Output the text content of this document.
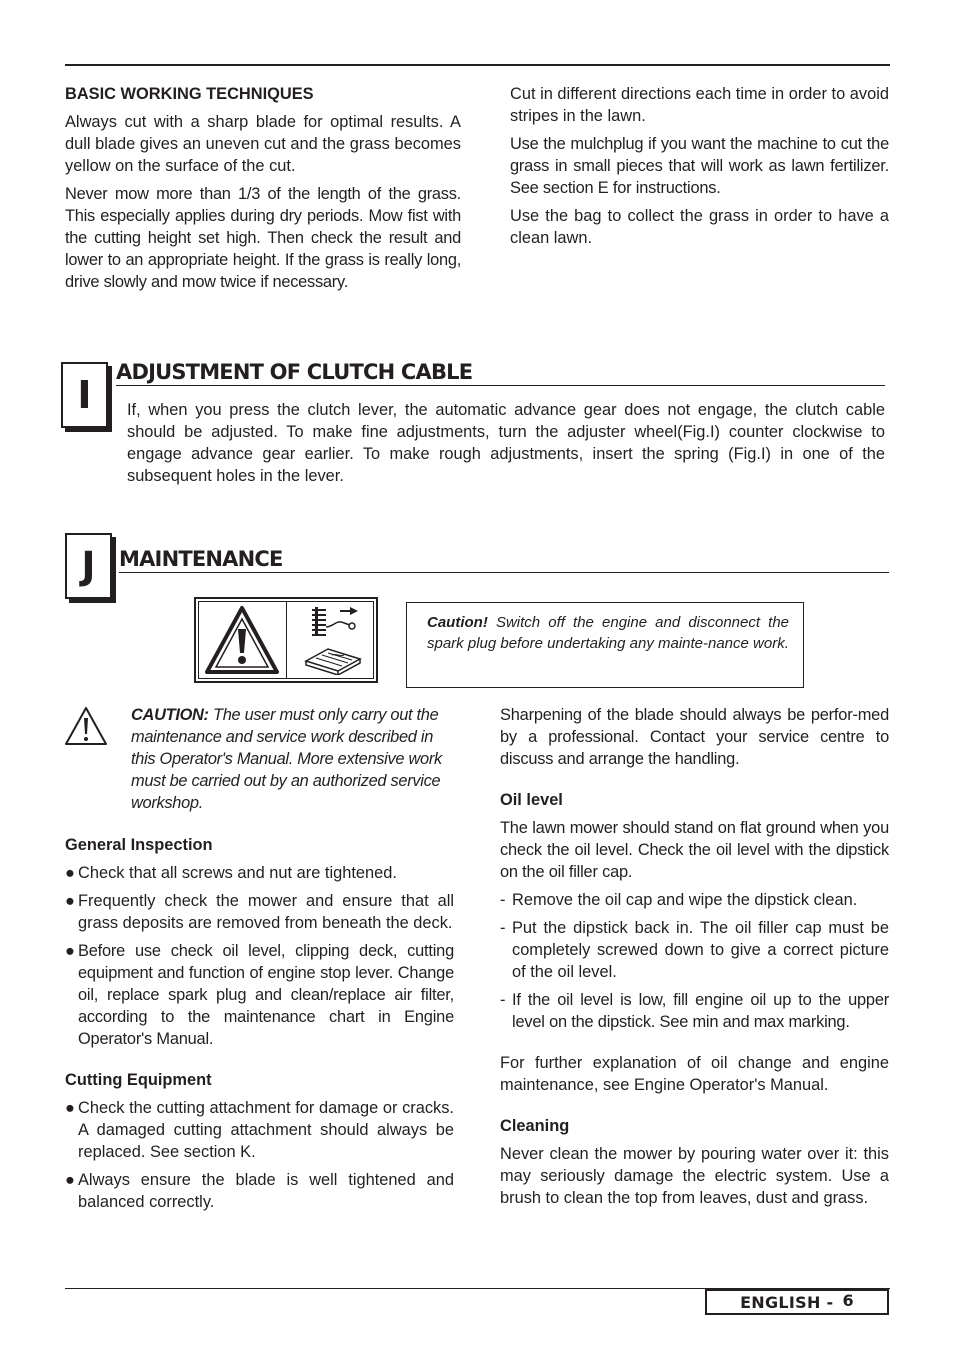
BASIC WORKING TECHNIQUES

Always cut with a sharp blade for optimal results. A dull blade gives an uneven cut and the grass becomes yellow on the surface of the cut.

Never mow more than 1/3 of the length of the grass. This especially applies during dry periods. Mow fist with the cutting height set high. Then check the result and lower to an appropriate height. If the grass is really long, drive slowly and mow twice if necessary.

Cut in different directions each time in order to avoid stripes in the lawn.

Use the mulchplug if you want the machine to cut the grass in small pieces that will work as lawn fertilizer. See section E for instructions.

Use the bag to collect the grass in order to have a clean lawn.

I
ADJUSTMENT OF CLUTCH CABLE

If, when you press the clutch lever, the automatic advance gear does not engage, the clutch cable should be adjusted. To make fine adjustments, turn the adjuster wheel(Fig.I) counter clockwise to engage advance gear earlier. To make rough adjustments, insert the spring (Fig.I) in one of the subsequent holes in the lever.

J	MAINTENANCE

Caution! Switch off the engine and disconnect the spark plug before undertaking any mainte-nance work.

CAUTION: The user must only carry out the maintenance and service work described in this Operator's Manual. More extensive work must be carried out by an authorized service workshop.

General Inspection

● Check that all screws and nut are tightened.
● Frequently check the mower and ensure that all grass deposits are removed from beneath the deck.
● Before use check oil level, clipping deck, cutting equipment and function of engine stop lever. Change oil, replace spark plug and clean/replace air filter, according to the maintenance chart in Engine Operator's Manual.

Cutting Equipment

● Check the cutting attachment for damage or cracks. A damaged cutting attachment should always be replaced. See section K.
● Always ensure the blade is well tightened and balanced correctly.

Sharpening of the blade should always be perfor-med by a professional. Contact your service centre to discuss and arrange the handling.

Oil level

The lawn mower should stand on flat ground when you check the oil level. Check the oil level with the dipstick on the oil filler cap.

- Remove the oil cap and wipe the dipstick clean.
- Put the dipstick back in. The oil filler cap must be completely screwed down to give a correct picture of the oil level.
- If the oil level is low, fill engine oil up to the upper level on the dipstick. See min and max marking.

For further explanation of oil change and engine maintenance, see Engine Operator's Manual.

Cleaning

Never clean the mower by pouring water over it: this may seriously damage the electric system. Use a brush to clean the top from leaves, dust and grass.

ENGLISH - 6
